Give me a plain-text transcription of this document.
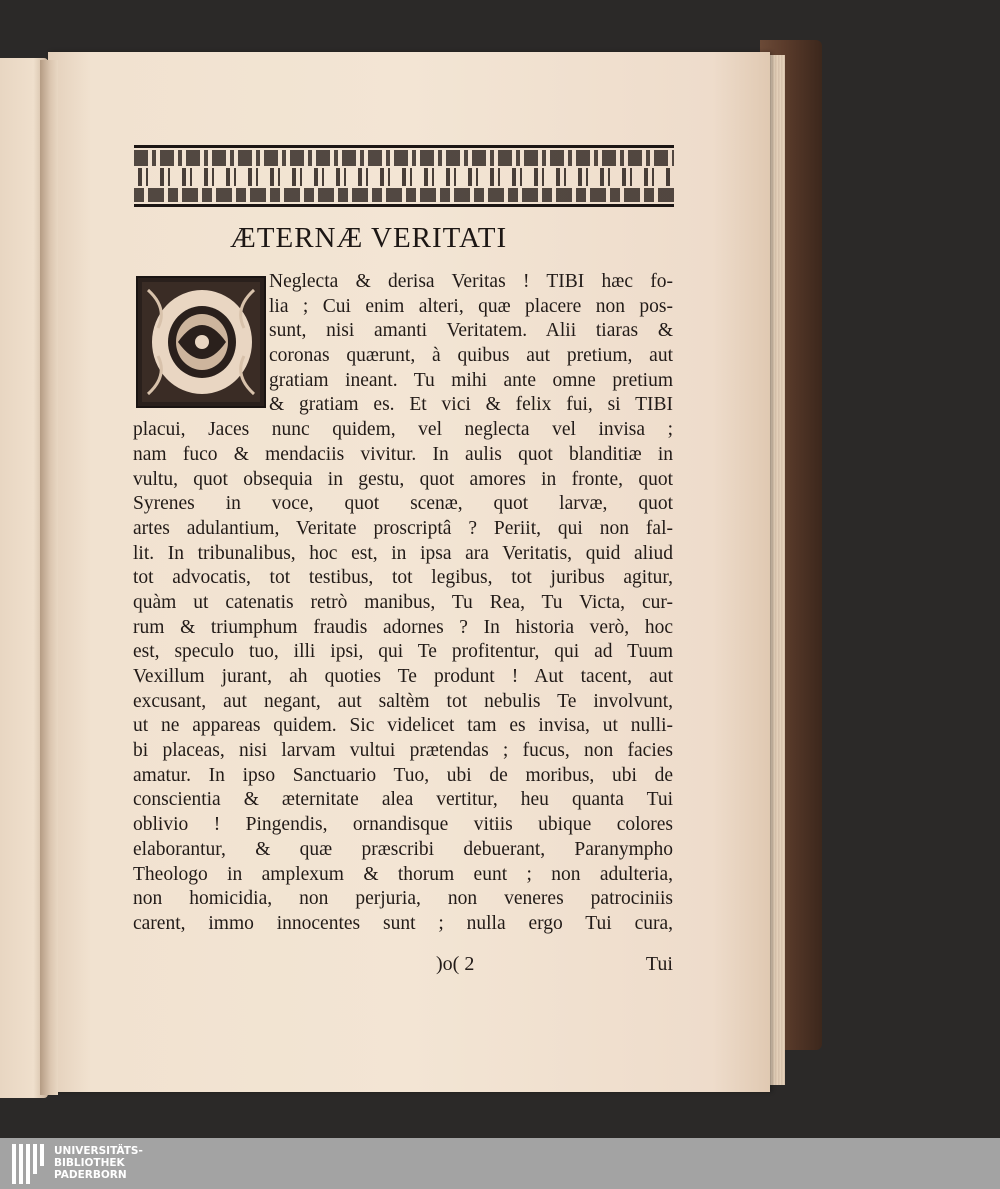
ÆTERNÆ VERITATI
Neglecta & derisa Veritas ! TIBI hæc fo-
lia ; Cui enim alteri, quæ placere non pos-
sunt, nisi amanti Veritatem. Alii tiaras &
coronas quærunt, à quibus aut pretium, aut
gratiam ineant. Tu mihi ante omne pretium
& gratiam es. Et vici & felix fui, si TIBI
placui, Jaces nunc quidem, vel neglecta vel invisa ;
nam fuco & mendaciis vivitur. In aulis quot blanditiæ in
vultu, quot obsequia in gestu, quot amores in fronte, quot
Syrenes in voce, quot scenæ, quot larvæ, quot
artes adulantium, Veritate proscriptâ ? Periit, qui non fal-
lit. In tribunalibus, hoc est, in ipsa ara Veritatis, quid aliud
tot advocatis, tot testibus, tot legibus, tot juribus agitur,
quàm ut catenatis retrò manibus, Tu Rea, Tu Victa, cur-
rum & triumphum fraudis adornes ? In historia verò, hoc
est, speculo tuo, illi ipsi, qui Te profitentur, qui ad Tuum
Vexillum jurant, ah quoties Te produnt ! Aut tacent, aut
excusant, aut negant, aut saltèm tot nebulis Te involvunt,
ut ne appareas quidem. Sic videlicet tam es invisa, ut nulli-
bi placeas, nisi larvam vultui prætendas ; fucus, non facies
amatur. In ipso Sanctuario Tuo, ubi de moribus, ubi de
conscientia & æternitate alea vertitur, heu quanta Tui
oblivio ! Pingendis, ornandisque vitiis ubique colores
elaborantur, & quæ præscribi debuerant, Paranympho
Theologo in amplexum & thorum eunt ; non adulteria,
non homicidia, non perjuria, non veneres patrociniis
carent, immo innocentes sunt ; nulla ergo Tui cura,
)o( 2	Tui
UNIVERSITÄTS-
BIBLIOTHEK
PADERBORN
